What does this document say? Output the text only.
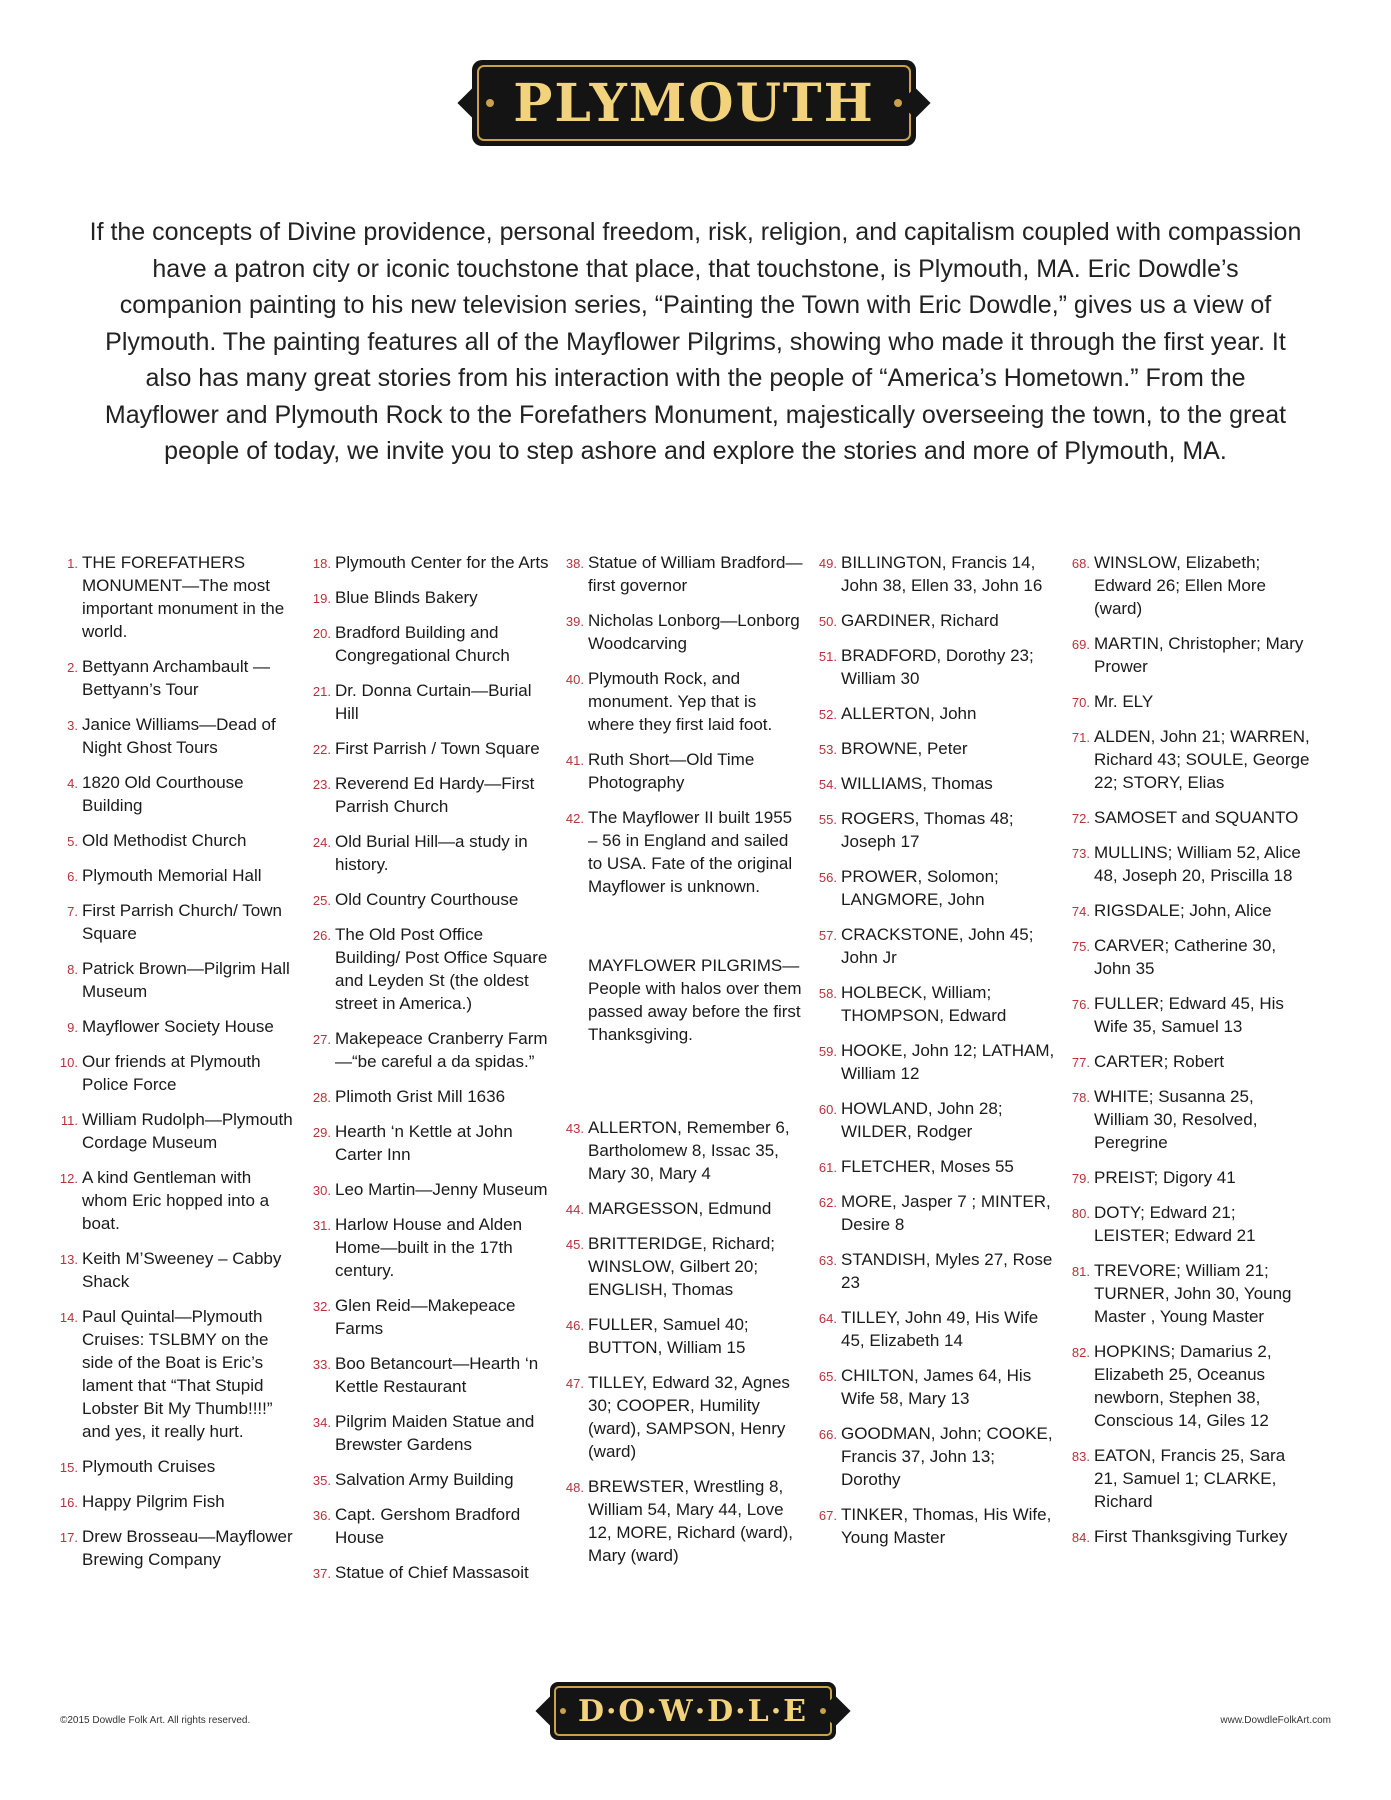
PLYMOUTH

If the concepts of Divine providence, personal freedom, risk, religion, and capitalism coupled with compassion have a patron city or iconic touchstone that place, that touchstone, is Plymouth, MA. Eric Dowdle’s companion painting to his new television series, “Painting the Town with Eric Dowdle,” gives us a view of Plymouth. The painting features all of the Mayflower Pilgrims, showing who made it through the first year. It also has many great stories from his interaction with the people of “America’s Hometown.” From the Mayflower and Plymouth Rock to the Forefathers Monument, majestically overseeing the town, to the great people of today, we invite you to step ashore and explore the stories and more of Plymouth, MA.

1. THE FOREFATHERS MONUMENT—The most important monument in the world.
2. Bettyann Archambault —Bettyann’s Tour
3. Janice Williams—Dead of Night Ghost Tours
4. 1820 Old Courthouse Building
5. Old Methodist Church
6. Plymouth Memorial Hall
7. First Parrish Church/ Town Square
8. Patrick Brown—Pilgrim Hall Museum
9. Mayflower Society House
10. Our friends at Plymouth Police Force
11. William Rudolph—Plymouth Cordage Museum
12. A kind Gentleman with whom Eric hopped into a boat.
13. Keith M’Sweeney – Cabby Shack
14. Paul Quintal—Plymouth Cruises: TSLBMY on the side of the Boat is Eric’s lament that “That Stupid Lobster Bit My Thumb!!!!” and yes, it really hurt.
15. Plymouth Cruises
16. Happy Pilgrim Fish
17. Drew Brosseau—Mayflower Brewing Company
18. Plymouth Center for the Arts
19. Blue Blinds Bakery
20. Bradford Building and Congregational Church
21. Dr. Donna Curtain—Burial Hill
22. First Parrish / Town Square
23. Reverend Ed Hardy—First Parrish Church
24. Old Burial Hill—a study in history.
25. Old Country Courthouse
26. The Old Post Office Building/ Post Office Square and Leyden St (the oldest street in America.)
27. Makepeace Cranberry Farm—“be careful a da spidas.”
28. Plimoth Grist Mill 1636
29. Hearth ‘n Kettle at John Carter Inn
30. Leo Martin—Jenny Museum
31. Harlow House and Alden Home—built in the 17th century.
32. Glen Reid—Makepeace Farms
33. Boo Betancourt—Hearth ‘n Kettle Restaurant
34. Pilgrim Maiden Statue and Brewster Gardens
35. Salvation Army Building
36. Capt. Gershom Bradford House
37. Statue of Chief Massasoit
38. Statue of William Bradford—first governor
39. Nicholas Lonborg—Lonborg Woodcarving
40. Plymouth Rock, and monument. Yep that is where they first laid foot.
41. Ruth Short—Old Time Photography
42. The Mayflower II built 1955 – 56 in England and sailed to USA. Fate of the original Mayflower is unknown.
MAYFLOWER PILGRIMS—People with halos over them passed away before the first Thanksgiving.
43. ALLERTON, Remember 6, Bartholomew 8, Issac 35, Mary 30, Mary 4
44. MARGESSON, Edmund
45. BRITTERIDGE, Richard; WINSLOW, Gilbert 20; ENGLISH, Thomas
46. FULLER, Samuel 40; BUTTON, William 15
47. TILLEY, Edward 32, Agnes 30; COOPER, Humility (ward), SAMPSON, Henry (ward)
48. BREWSTER, Wrestling 8, William 54, Mary 44, Love 12, MORE, Richard (ward), Mary (ward)
49. BILLINGTON, Francis 14, John 38, Ellen 33, John 16
50. GARDINER, Richard
51. BRADFORD, Dorothy 23; William 30
52. ALLERTON, John
53. BROWNE, Peter
54. WILLIAMS, Thomas
55. ROGERS, Thomas 48; Joseph 17
56. PROWER, Solomon; LANGMORE, John
57. CRACKSTONE, John 45; John Jr
58. HOLBECK, William; THOMPSON, Edward
59. HOOKE, John 12; LATHAM, William 12
60. HOWLAND, John 28; WILDER, Rodger
61. FLETCHER, Moses 55
62. MORE, Jasper 7 ; MINTER, Desire 8
63. STANDISH, Myles 27, Rose 23
64. TILLEY, John 49, His Wife 45, Elizabeth 14
65. CHILTON, James 64, His Wife 58, Mary 13
66. GOODMAN, John; COOKE, Francis 37, John 13; Dorothy
67. TINKER, Thomas, His Wife, Young Master
68. WINSLOW, Elizabeth; Edward 26; Ellen More (ward)
69. MARTIN, Christopher; Mary Prower
70. Mr. ELY
71. ALDEN, John 21; WARREN, Richard 43; SOULE, George 22; STORY, Elias
72. SAMOSET and SQUANTO
73. MULLINS; William 52, Alice 48, Joseph 20, Priscilla 18
74. RIGSDALE; John, Alice
75. CARVER; Catherine 30, John 35
76. FULLER; Edward 45, His Wife 35, Samuel 13
77. CARTER; Robert
78. WHITE; Susanna 25, William 30, Resolved, Peregrine
79. PREIST; Digory 41
80. DOTY; Edward 21; LEISTER; Edward 21
81. TREVORE; William 21; TURNER, John 30, Young Master , Young Master
82. HOPKINS; Damarius 2, Elizabeth 25, Oceanus newborn, Stephen 38, Conscious 14, Giles 12
83. EATON, Francis 25, Sara 21, Samuel 1; CLARKE, Richard
84. First Thanksgiving Turkey
D·O·W·D·L·E
©2015 Dowdle Folk Art. All rights reserved.	www.DowdleFolkArt.com
